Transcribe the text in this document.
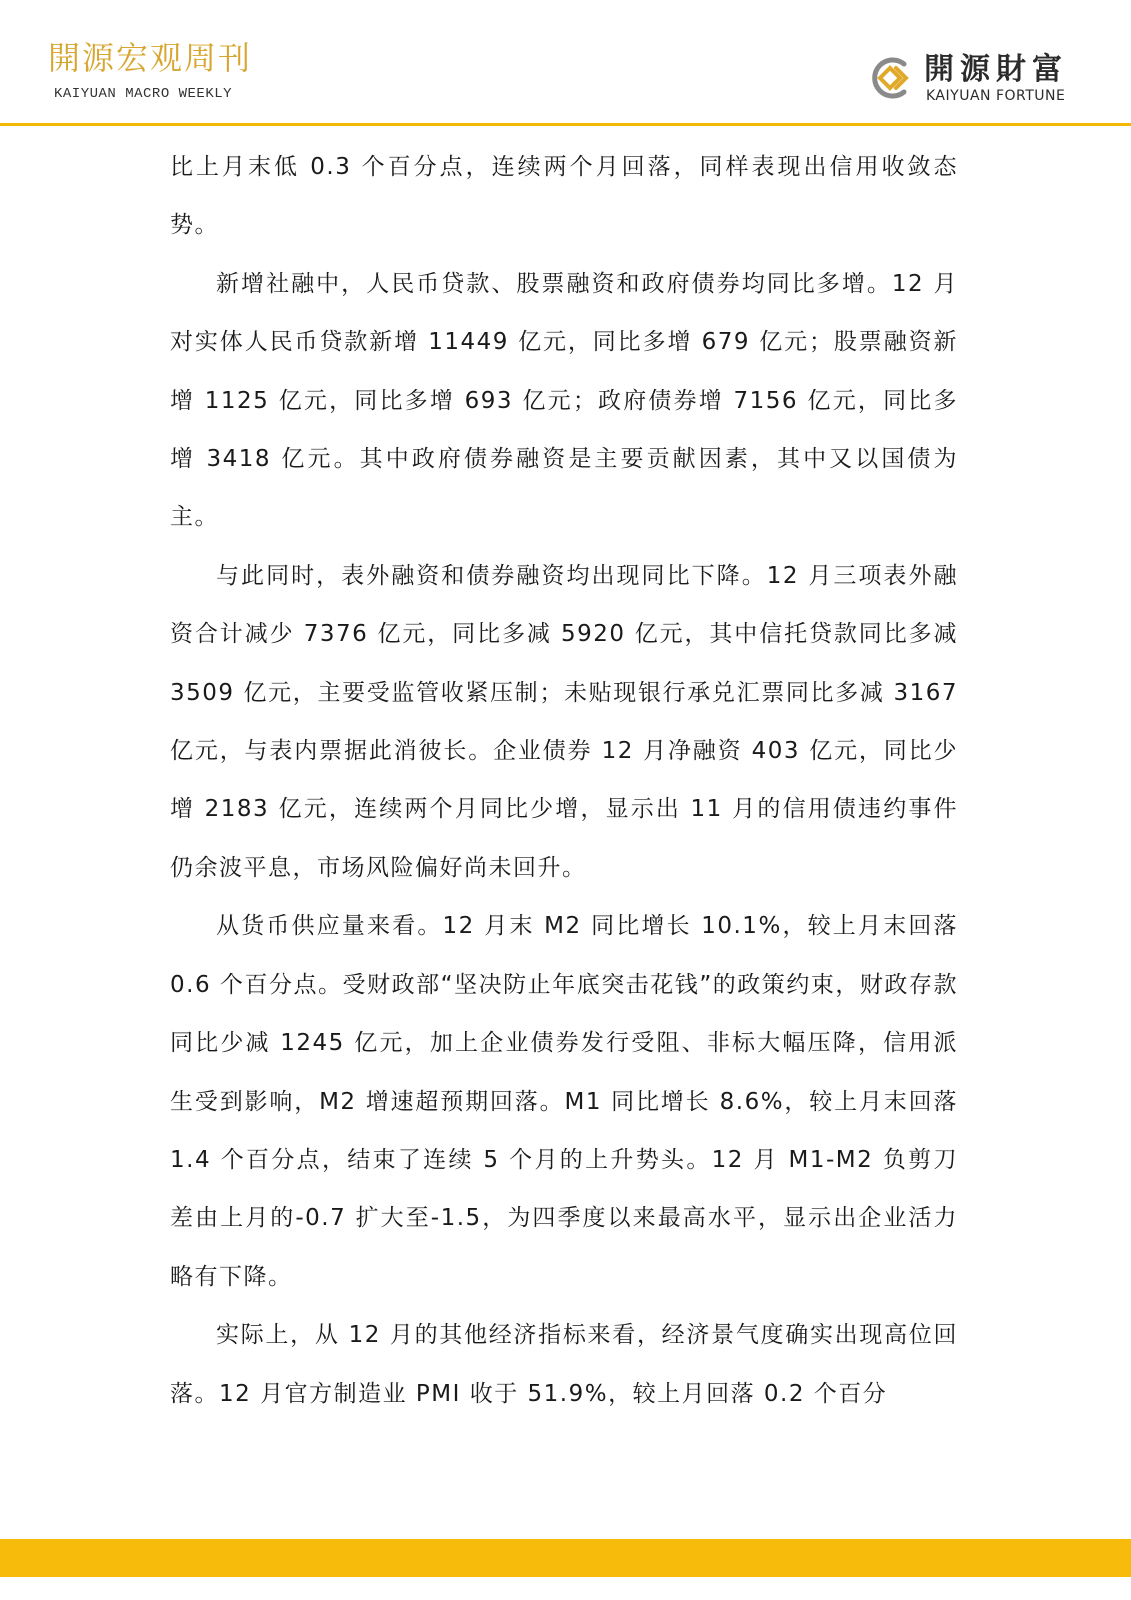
開源宏观周刊
KAIYUAN MACRO WEEKLY
開源財富
KAIYUAN FORTUNE

比上月末低 0.3 个百分点，连续两个月回落，同样表现出信用收敛态势。

新增社融中，人民币贷款、股票融资和政府债券均同比多增。12 月对实体人民币贷款新增 11449 亿元，同比多增 679 亿元；股票融资新增 1125 亿元，同比多增 693 亿元；政府债券增 7156 亿元，同比多增 3418 亿元。其中政府债券融资是主要贡献因素，其中又以国债为主。

与此同时，表外融资和债券融资均出现同比下降。12 月三项表外融资合计减少 7376 亿元，同比多减 5920 亿元，其中信托贷款同比多减 3509 亿元，主要受监管收紧压制；未贴现银行承兑汇票同比多减 3167 亿元，与表内票据此消彼长。企业债券 12 月净融资 403 亿元，同比少增 2183 亿元，连续两个月同比少增，显示出 11 月的信用债违约事件仍余波平息，市场风险偏好尚未回升。

从货币供应量来看。12 月末 M2 同比增长 10.1%，较上月末回落 0.6 个百分点。受财政部“坚决防止年底突击花钱”的政策约束，财政存款同比少减 1245 亿元，加上企业债券发行受阻、非标大幅压降，信用派生受到影响，M2 增速超预期回落。M1 同比增长 8.6%，较上月末回落 1.4 个百分点，结束了连续 5 个月的上升势头。12 月 M1-M2 负剪刀差由上月的-0.7 扩大至-1.5，为四季度以来最高水平，显示出企业活力略有下降。

实际上，从 12 月的其他经济指标来看，经济景气度确实出现高位回落。12 月官方制造业 PMI 收于 51.9%，较上月回落 0.2 个百分
